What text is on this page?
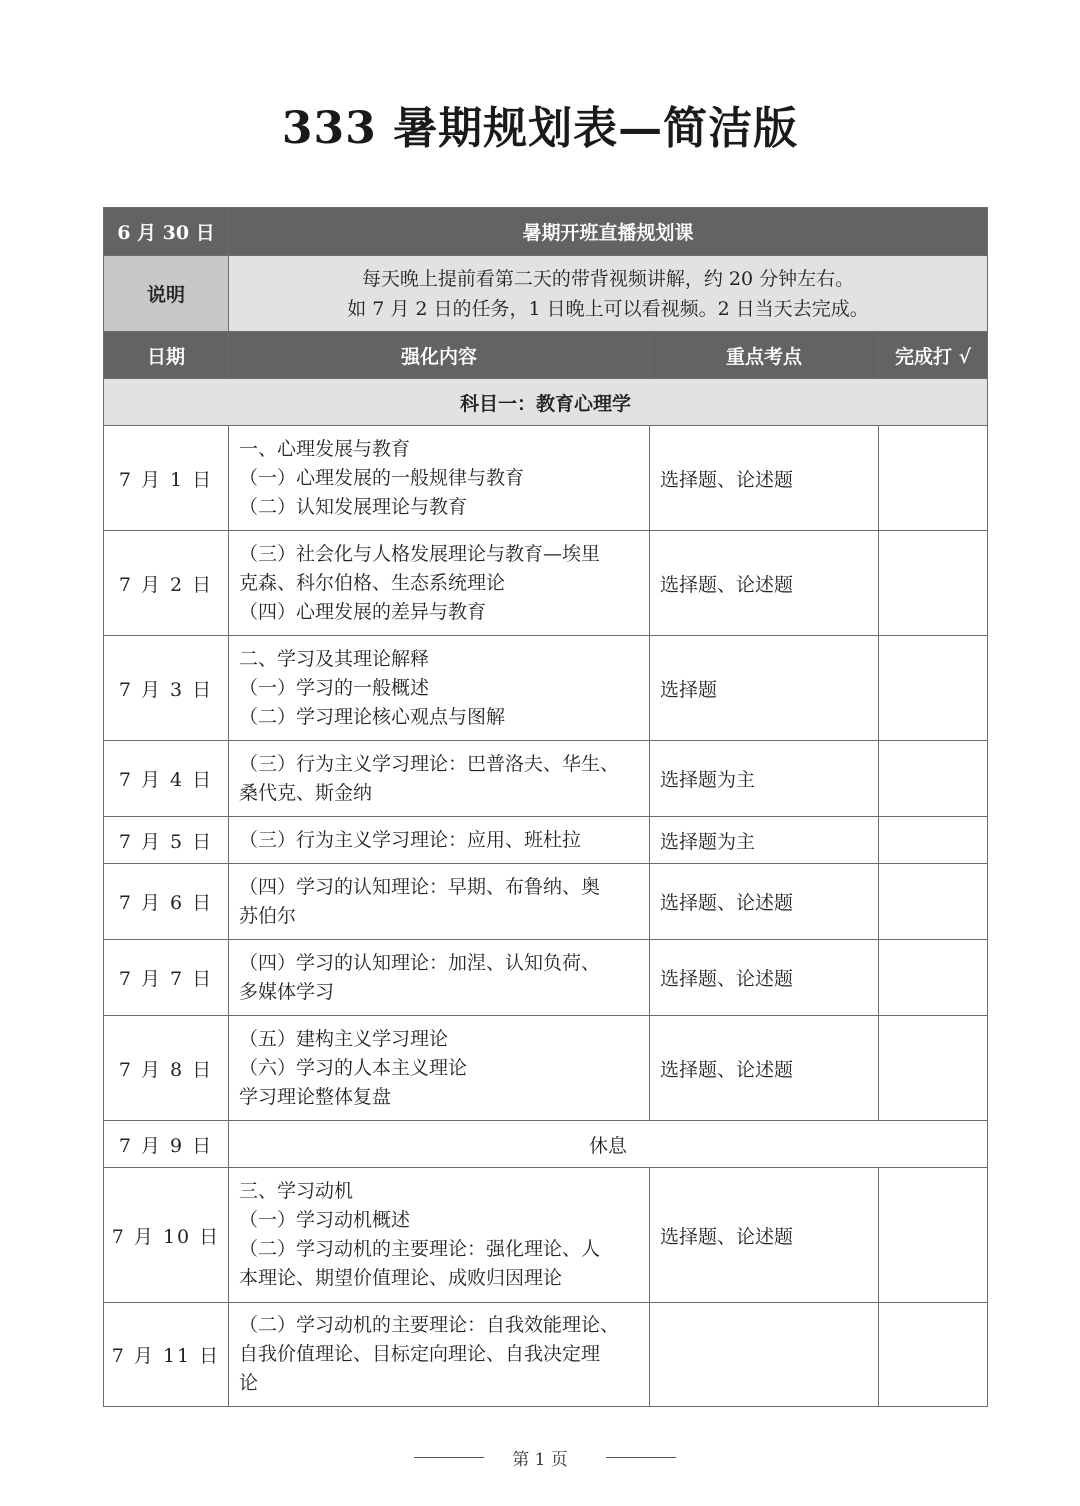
333 暑期规划表—简洁版
6 月 30 日	暑期开班直播规划课		
说明	每天晚上提前看第二天的带背视频讲解，约 20 分钟左右。
如 7 月 2 日的任务，1 日晚上可以看视频。2 日当天去完成。		

日期	强化内容	重点考点	完成打 √
科目一：教育心理学			
7 月 1 日	一、心理发展与教育
（一）心理发展的一般规律与教育
（二）认知发展理论与教育	选择题、论述题	
7 月 2 日	（三）社会化与人格发展理论与教育—埃里
克森、科尔伯格、生态系统理论
（四）心理发展的差异与教育	选择题、论述题	
7 月 3 日	二、学习及其理论解释
（一）学习的一般概述
（二）学习理论核心观点与图解	选择题	
7 月 4 日	（三）行为主义学习理论：巴普洛夫、华生、
桑代克、斯金纳	选择题为主	
7 月 5 日	（三）行为主义学习理论：应用、班杜拉	选择题为主	
7 月 6 日	（四）学习的认知理论：早期、布鲁纳、奥
苏伯尔	选择题、论述题	
7 月 7 日	（四）学习的认知理论：加涅、认知负荷、
多媒体学习	选择题、论述题	
7 月 8 日	（五）建构主义学习理论
（六）学习的人本主义理论
学习理论整体复盘	选择题、论述题	
7 月 9 日	休息		
7 月 10 日	三、学习动机
（一）学习动机概述
（二）学习动机的主要理论：强化理论、人
本理论、期望价值理论、成败归因理论	选择题、论述题	
7 月 11 日	（二）学习动机的主要理论：自我效能理论、
自我价值理论、目标定向理论、自我决定理
论		

第 1 页
